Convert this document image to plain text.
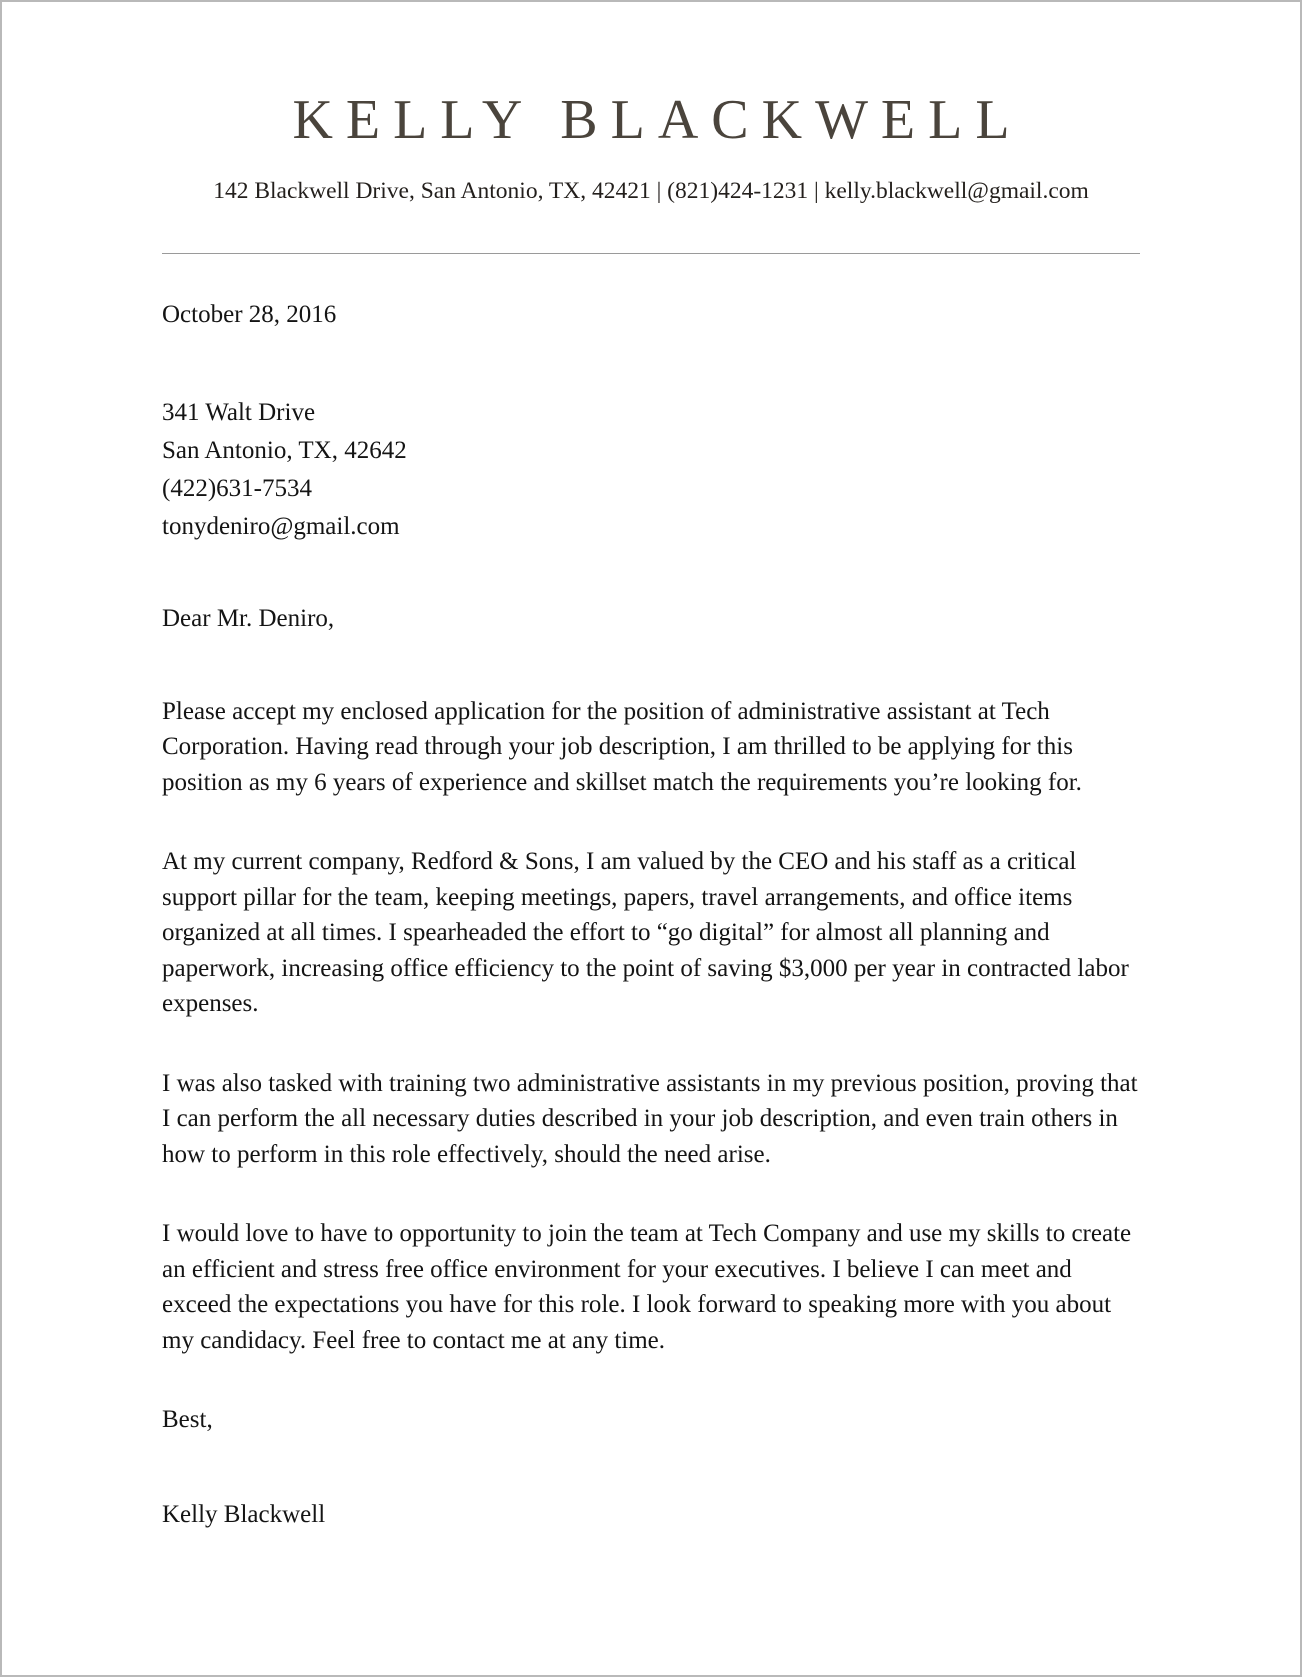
KELLY BLACKWELL

142 Blackwell Drive, San Antonio, TX, 42421 | (821)424-1231 | kelly.blackwell@gmail.com

October 28, 2016

341 Walt Drive

San Antonio, TX, 42642

(422)631-7534

tonydeniro@gmail.com

Dear Mr. Deniro,

Please accept my enclosed application for the position of administrative assistant at Tech Corporation. Having read through your job description, I am thrilled to be applying for this position as my 6 years of experience and skillset match the requirements you’re looking for.

At my current company, Redford & Sons, I am valued by the CEO and his staff as a critical support pillar for the team, keeping meetings, papers, travel arrangements, and office items organized at all times. I spearheaded the effort to “go digital” for almost all planning and paperwork, increasing office efficiency to the point of saving $3,000 per year in contracted labor expenses.

I was also tasked with training two administrative assistants in my previous position, proving that I can perform the all necessary duties described in your job description, and even train others in how to perform in this role effectively, should the need arise.

I would love to have to opportunity to join the team at Tech Company and use my skills to create an efficient and stress free office environment for your executives. I believe I can meet and exceed the expectations you have for this role. I look forward to speaking more with you about my candidacy. Feel free to contact me at any time.

Best,

Kelly Blackwell
